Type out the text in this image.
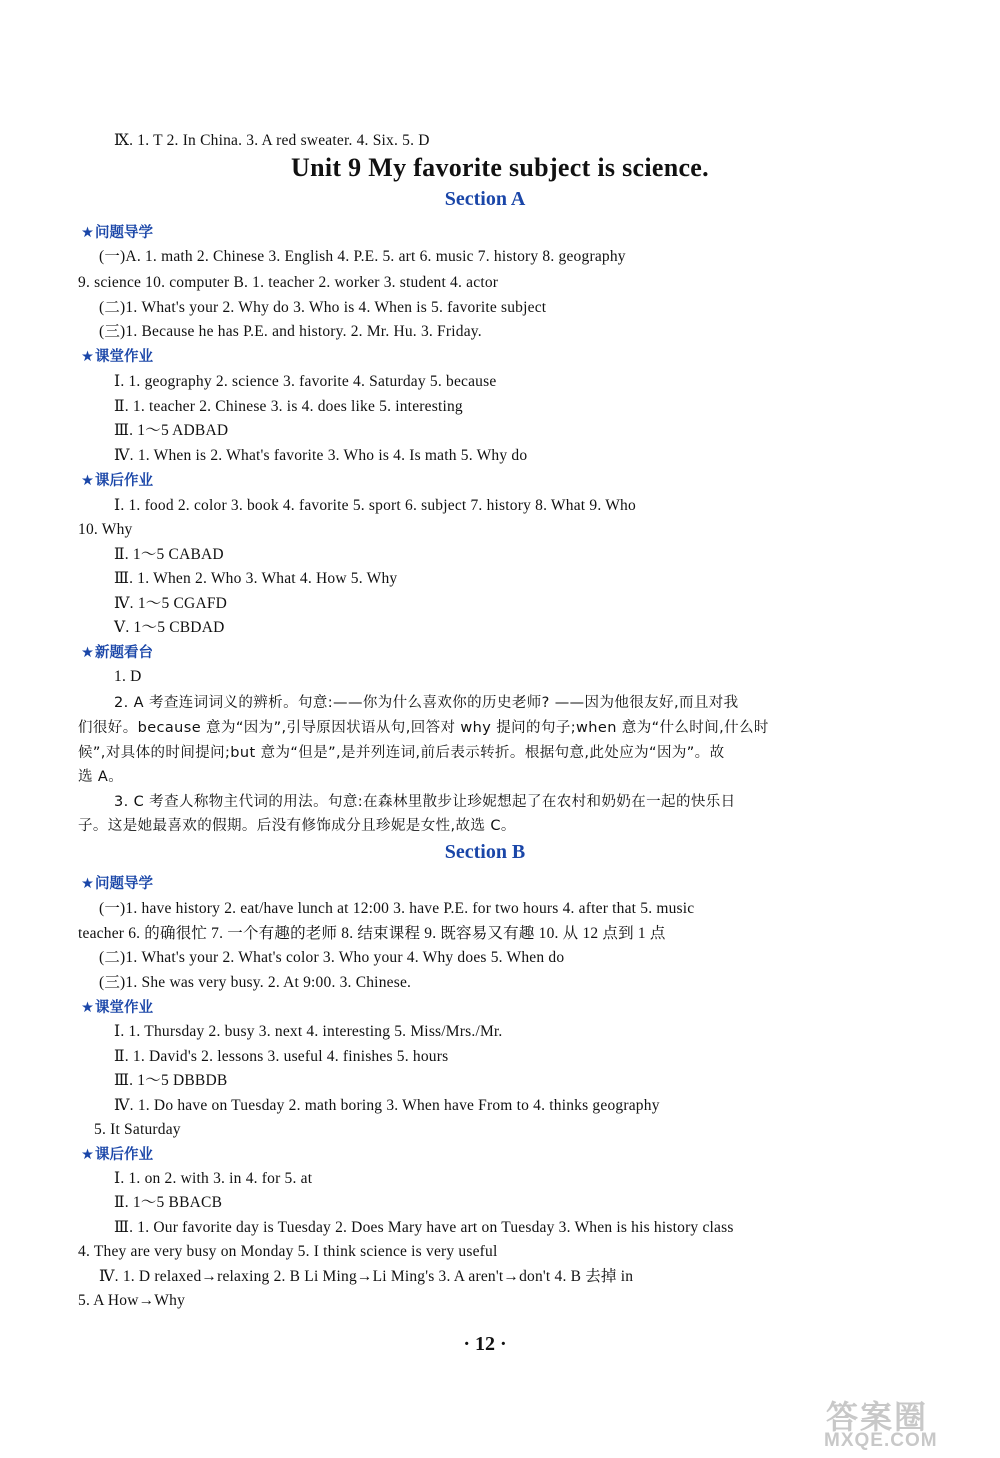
Ⅸ. 1. T 2. In China. 3. A red sweater. 4. Six. 5. D
Unit 9 My favorite subject is science.
Section A
★问题导学
(一)A. 1. math 2. Chinese 3. English 4. P.E. 5. art 6. music 7. history 8. geography
9. science 10. computer B. 1. teacher 2. worker 3. student 4. actor
(二)1. What's your 2. Why do 3. Who is 4. When is 5. favorite subject
(三)1. Because he has P.E. and history. 2. Mr. Hu. 3. Friday.
★课堂作业
Ⅰ. 1. geography 2. science 3. favorite 4. Saturday 5. because
Ⅱ. 1. teacher 2. Chinese 3. is 4. does like 5. interesting
Ⅲ. 1～5 ADBAD
Ⅳ. 1. When is 2. What's favorite 3. Who is 4. Is math 5. Why do
★课后作业
Ⅰ. 1. food 2. color 3. book 4. favorite 5. sport 6. subject 7. history 8. What 9. Who
10. Why
Ⅱ. 1～5 CABAD
Ⅲ. 1. When 2. Who 3. What 4. How 5. Why
Ⅳ. 1～5 CGAFD
Ⅴ. 1～5 CBDAD
★新题看台
1. D
2. A 考查连词词义的辨析。句意:——你为什么喜欢你的历史老师? ——因为他很友好,而且对我
们很好。because 意为“因为”,引导原因状语从句,回答对 why 提问的句子;when 意为“什么时间,什么时
候”,对具体的时间提问;but 意为“但是”,是并列连词,前后表示转折。根据句意,此处应为“因为”。故
选 A。
3. C 考查人称物主代词的用法。句意:在森林里散步让珍妮想起了在农村和奶奶在一起的快乐日
子。这是她最喜欢的假期。后没有修饰成分且珍妮是女性,故选 C。
Section B
★问题导学
(一)1. have history 2. eat/have lunch at 12:00 3. have P.E. for two hours 4. after that 5. music
teacher 6. 的确很忙 7. 一个有趣的老师 8. 结束课程 9. 既容易又有趣 10. 从 12 点到 1 点
(二)1. What's your 2. What's color 3. Who your 4. Why does 5. When do
(三)1. She was very busy. 2. At 9:00. 3. Chinese.
★课堂作业
Ⅰ. 1. Thursday 2. busy 3. next 4. interesting 5. Miss/Mrs./Mr.
Ⅱ. 1. David's 2. lessons 3. useful 4. finishes 5. hours
Ⅲ. 1～5 DBBDB
Ⅳ. 1. Do have on Tuesday 2. math boring 3. When have From to 4. thinks geography
5. It Saturday
★课后作业
Ⅰ. 1. on 2. with 3. in 4. for 5. at
Ⅱ. 1～5 BBACB
Ⅲ. 1. Our favorite day is Tuesday 2. Does Mary have art on Tuesday 3. When is his history class
4. They are very busy on Monday 5. I think science is very useful
Ⅳ. 1. D relaxed→relaxing 2. B Li Ming→Li Ming's 3. A aren't→don't 4. B 去掉 in
5. A How→Why
· 12 ·
答案圈
MXQE.COM
